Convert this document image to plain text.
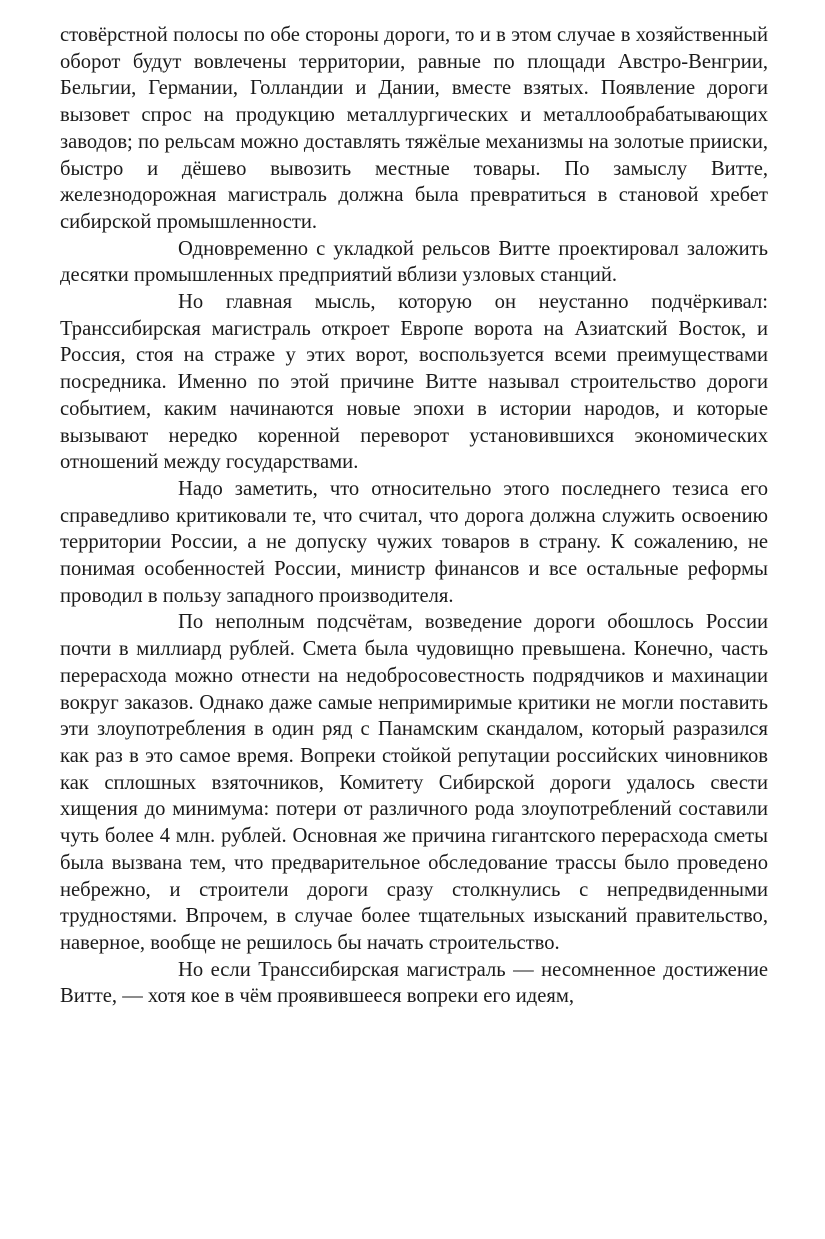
стовёрстной полосы по обе стороны дороги, то и в этом случае в хозяйственный оборот будут вовлечены территории, равные по площади Австро-Венгрии, Бельгии, Германии, Голландии и Дании, вместе взятых. Появление дороги вызовет спрос на продукцию металлургических и металлообрабатывающих заводов; по рельсам можно доставлять тяжёлые механизмы на золотые прииски, быстро и дёшево вывозить местные товары. По замыслу Витте, железнодорожная магистраль должна была превратиться в становой хребет сибирской промышленности.

Одновременно с укладкой рельсов Витте проектировал заложить десятки промышленных предприятий вблизи узловых станций.

Но главная мысль, которую он неустанно подчёркивал: Транссибирская магистраль откроет Европе ворота на Азиатский Восток, и Россия, стоя на страже у этих ворот, воспользуется всеми преимуществами посредника. Именно по этой причине Витте называл строительство дороги событием, каким начинаются новые эпохи в истории народов, и которые вызывают нередко коренной переворот установившихся экономических отношений между государствами.

Надо заметить, что относительно этого последнего тезиса его справедливо критиковали те, что считал, что дорога должна служить освоению территории России, а не допуску чужих товаров в страну. К сожалению, не понимая особенностей России, министр финансов и все остальные реформы проводил в пользу западного производителя.

По неполным подсчётам, возведение дороги обошлось России почти в миллиард рублей. Смета была чудовищно превышена. Конечно, часть перерасхода можно отнести на недобросовестность подрядчиков и махинации вокруг заказов. Однако даже самые непримиримые критики не могли поставить эти злоупотребления в один ряд с Панамским скандалом, который разразился как раз в это самое время. Вопреки стойкой репутации российских чиновников как сплошных взяточников, Комитету Сибирской дороги удалось свести хищения до минимума: потери от различного рода злоупотреблений составили чуть более 4 млн. рублей. Основная же причина гигантского перерасхода сметы была вызвана тем, что предварительное обследование трассы было проведено небрежно, и строители дороги сразу столкнулись с непредвиденными трудностями. Впрочем, в случае более тщательных изысканий правительство, наверное, вообще не решилось бы начать строительство.

Но если Транссибирская магистраль — несомненное достижение Витте, — хотя кое в чём проявившееся вопреки его идеям,
